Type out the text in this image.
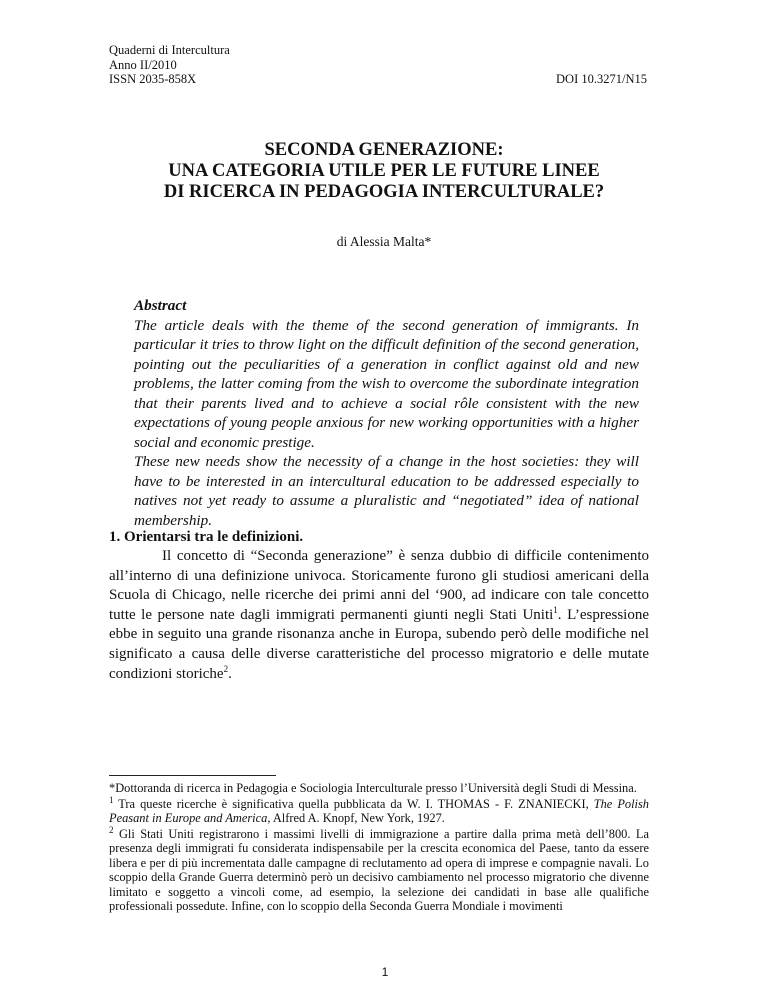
Quaderni di Intercultura
Anno II/2010
ISSN 2035-858X	DOI 10.3271/N15
SECONDA GENERAZIONE:
UNA CATEGORIA UTILE PER LE FUTURE LINEE
DI RICERCA IN PEDAGOGIA INTERCULTURALE?
di Alessia Malta*
Abstract

The article deals with the theme of the second generation of immigrants. In particular it tries to throw light on the difficult definition of the second generation, pointing out the peculiarities of a generation in conflict against old and new problems, the latter coming from the wish to overcome the subordinate integration that their parents lived and to achieve a social rôle consistent with the new expectations of young people anxious for new working opportunities with a higher social and economic prestige.

These new needs show the necessity of a change in the host societies: they will have to be interested in an intercultural education to be addressed especially to natives not yet ready to assume a pluralistic and “negotiated” idea of national membership.

1. Orientarsi tra le definizioni.

Il concetto di “Seconda generazione” è senza dubbio di difficile contenimento all’interno di una definizione univoca. Storicamente furono gli studiosi americani della Scuola di Chicago, nelle ricerche dei primi anni del ‘900, ad indicare con tale concetto tutte le persone nate dagli immigrati permanenti giunti negli Stati Uniti$^1$. L’espressione ebbe in seguito una grande risonanza anche in Europa, subendo però delle modifiche nel significato a causa delle diverse caratteristiche del processo migratorio e delle mutate condizioni storiche$^2$.

*Dottoranda di ricerca in Pedagogia e Sociologia Interculturale presso l’Università degli Studi di Messina.

$^1$ Tra queste ricerche è significativa quella pubblicata da W. I. THOMAS - F. ZNANIECKI, The Polish Peasant in Europe and America, Alfred A. Knopf, New York, 1927.

$^2$ Gli Stati Uniti registrarono i massimi livelli di immigrazione a partire dalla prima metà dell’800. La presenza degli immigrati fu considerata indispensabile per la crescita economica del Paese, tanto da essere libera e per di più incrementata dalle campagne di reclutamento ad opera di imprese e compagnie navali. Lo scoppio della Grande Guerra determinò però un decisivo cambiamento nel processo migratorio che divenne limitato e soggetto a vincoli come, ad esempio, la selezione dei candidati in base alle qualifiche professionali possedute. Infine, con lo scoppio della Seconda Guerra Mondiale i movimenti

1
